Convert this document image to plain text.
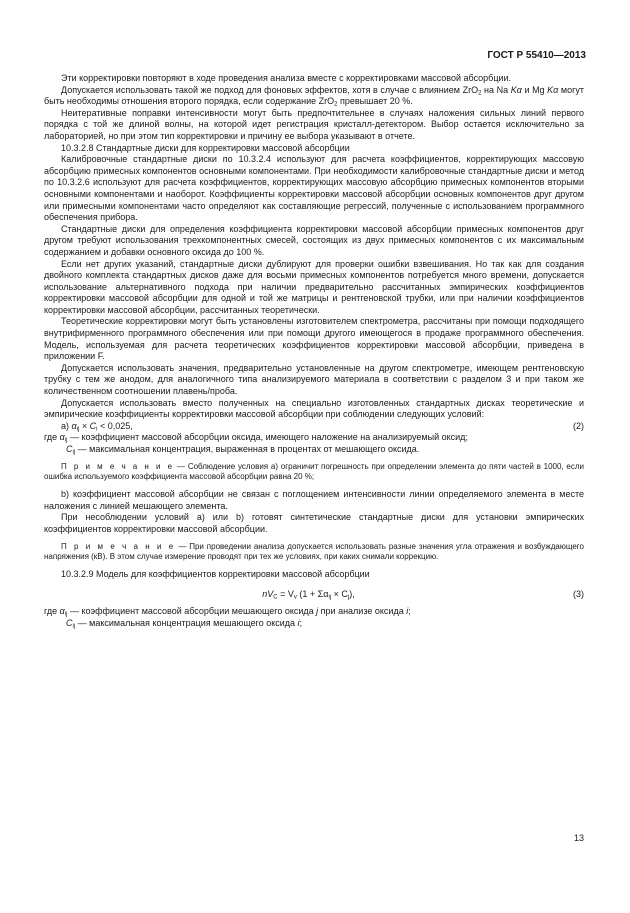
ГОСТ Р 55410—2013

Эти корректировки повторяют в ходе проведения анализа вместе с корректировками массовой абсорбции.

Допускается использовать такой же подход для фоновых эффектов, хотя в случае с влиянием ZrO$_2$ на Na Kα и Mg Kα могут быть необходимы отношения второго порядка, если содержание ZrO$_2$ превышает 20 %.

Неитеративные поправки интенсивности могут быть предпочтительнее в случаях наложения сильных линий первого порядка с той же длиной волны, на которой идет регистрация кристалл-детектором. Выбор остается исключительно за лабораторией, но при этом тип корректировки и причину ее выбора указывают в отчете.

10.3.2.8 Стандартные диски для корректировки массовой абсорбции

Калибровочные стандартные диски по 10.3.2.4 используют для расчета коэффициентов, корректирующих массовую абсорбцию примесных компонентов основными компонентами. При необходимости калибровочные стандартные диски и метод по 10.3.2.6 используют для расчета коэффициентов, корректирующих массовую абсорбцию примесных компонентов вторыми основными компонентами и наоборот. Коэффициенты корректировки массовой абсорбции основных компонентов друг другом или примесными компонентами часто определяют как составляющие регрессий, полученные с использованием программного обеспечения прибора.

Стандартные диски для определения коэффициента корректировки массовой абсорбции примесных компонентов друг другом требуют использования трехкомпонентных смесей, состоящих из двух примесных компонентов с их максимальным содержанием и добавки основного оксида до 100 %.

Если нет других указаний, стандартные диски дублируют для проверки ошибки взвешивания. Но так как для создания двойного комплекта стандартных дисков даже для восьми примесных компонентов потребуется много времени, допускается использование альтернативного подхода при наличии предварительно рассчитанных эмпирических коэффициентов корректировки массовой абсорбции для одной и той же матрицы и рентгеновской трубки, или при наличии коэффициентов корректировки массовой абсорбции, рассчитанных теоретически.

Теоретические корректировки могут быть установлены изготовителем спектрометра, рассчитаны при помощи подходящего внутрифирменного программного обеспечения или при помощи другого имеющегося в продаже программного обеспечения. Модель, используемая для расчета теоретических коэффициентов корректировки массовой абсорбции, приведена в приложении F.

Допускается использовать значения, предварительно установленные на другом спектрометре, имеющем рентгеновскую трубку с тем же анодом, для аналогичного типа анализируемого материала в соответствии с разделом 3 и при таком же количественном соотношении плавень/проба.

Допускается использовать вместо полученных на специально изготовленных стандартных дисках теоретические и эмпирические коэффициенты корректировки массовой абсорбции при соблюдении следующих условий:

а) $\alpha_{ij} \times C_i < 0,025$,	(2)
где $\alpha_{ij}$ — коэффициент массовой абсорбции оксида, имеющего наложение на анализируемый оксид;
$C_{ij}$ — максимальная концентрация, выраженная в процентах от мешающего оксида.

П р и м е ч а н и е — Соблюдение условия а) ограничит погрешность при определении элемента до пяти частей в 1000, если ошибка используемого коэффициента массовой абсорбции равна 20 %;

b) коэффициент массовой абсорбции не связан с поглощением интенсивности линии определяемого элемента в месте наложения с линией мешающего элемента.

При несоблюдении условий а) или b) готовят синтетические стандартные диски для установки эмпирических коэффициентов корректировки массовой абсорбции.

П р и м е ч а н и е — При проведении анализа допускается использовать разные значения угла отражения и возбуждающего напряжения (кВ). В этом случае измерение проводят при тех же условиях, при каких снимали коррекцию.

10.3.2.9 Модель для коэффициентов корректировки массовой абсорбции

$nV_C = V_v$ $(1 + \Sigma\alpha_{ij} \times C_j)$,	(3)
где $\alpha_{ij}$ — коэффициент массовой абсорбции мешающего оксида j при анализе оксида i;
$C_{ij}$ — максимальная концентрация мешающего оксида i;
13
